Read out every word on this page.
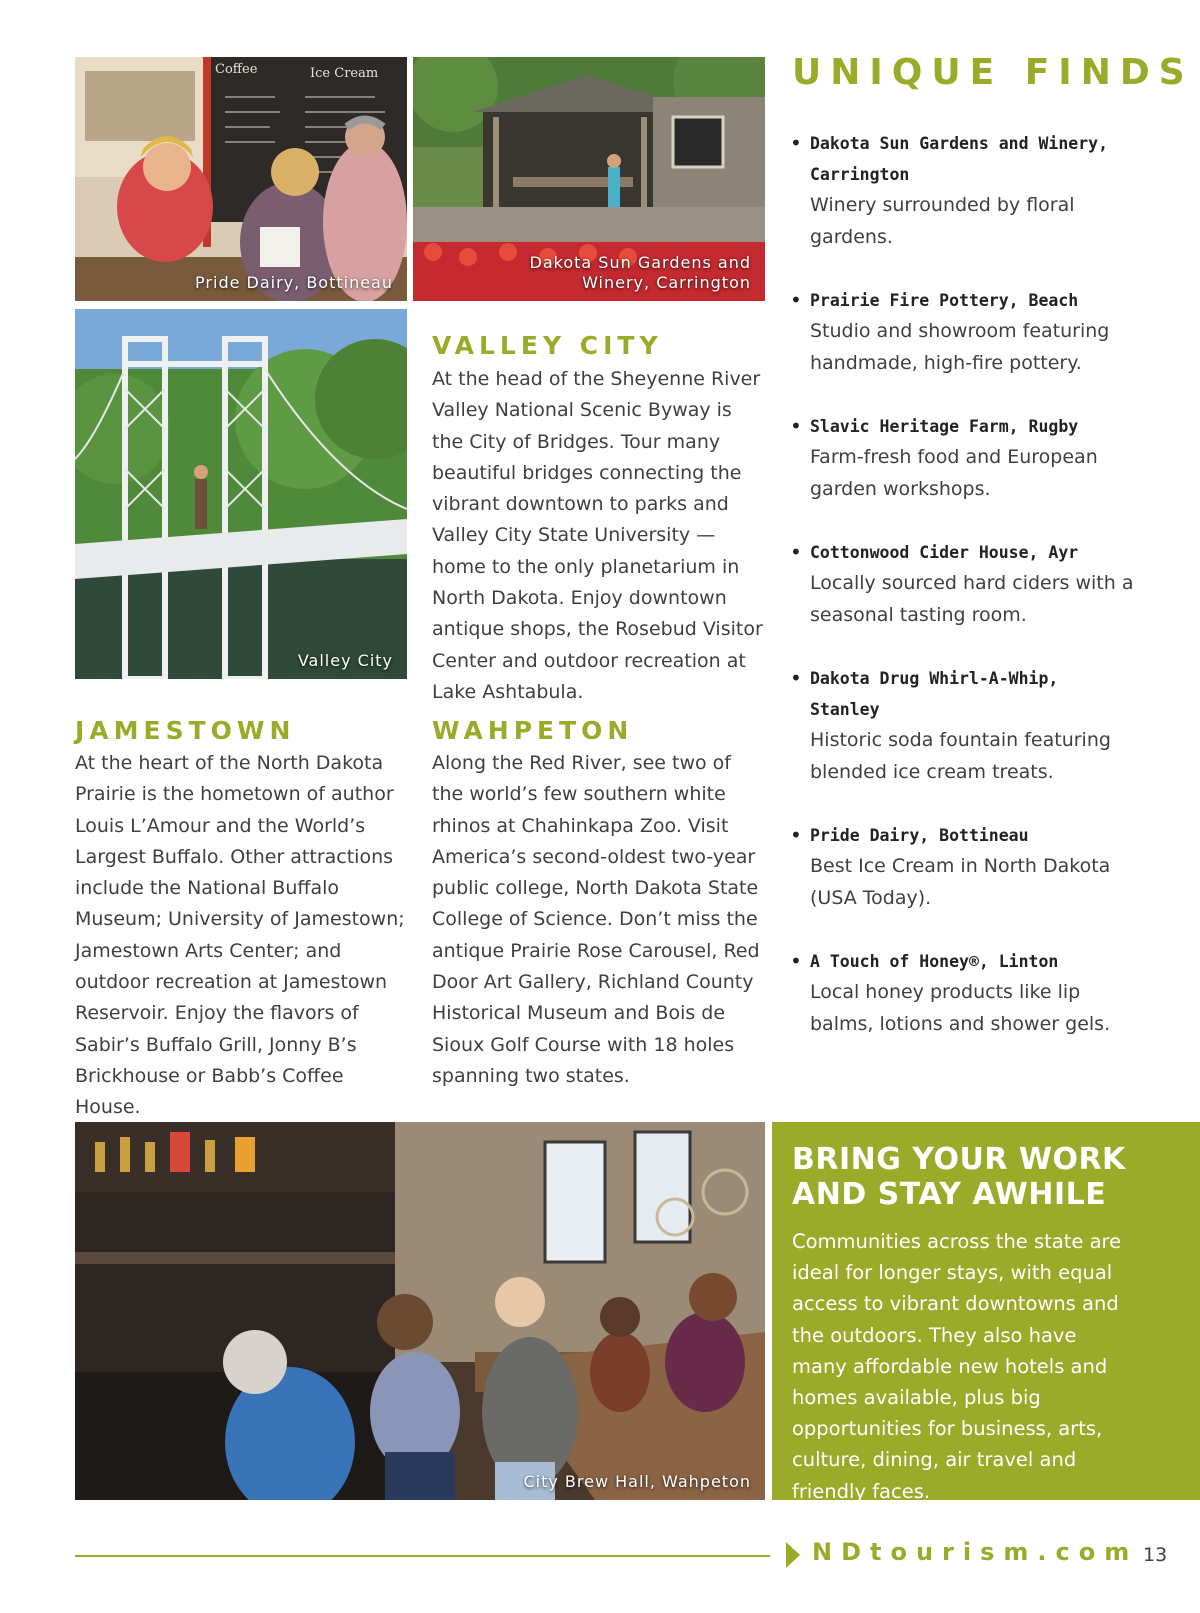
Coffee	Ice Cream
Pride Dairy, Bottineau
Dakota Sun Gardens and
Winery, Carrington
Valley City
VALLEY CITY

At the head of the Sheyenne River Valley National Scenic Byway is the City of Bridges. Tour many beautiful bridges connecting the vibrant downtown to parks and Valley City State University — home to the only planetarium in North Dakota. Enjoy downtown antique shops, the Rosebud Visitor Center and outdoor recreation at Lake Ashtabula.

JAMESTOWN

At the heart of the North Dakota Prairie is the hometown of author Louis L’Amour and the World’s Largest Buffalo. Other attractions include the National Buffalo Museum; University of Jamestown; Jamestown Arts Center; and outdoor recreation at Jamestown Reservoir. Enjoy the flavors of Sabir’s Buffalo Grill, Jonny B’s Brickhouse or Babb’s Coffee House.

WAHPETON

Along the Red River, see two of the world’s few southern white rhinos at Chahinkapa Zoo. Visit America’s second-oldest two-year public college, North Dakota State College of Science. Don’t miss the antique Prairie Rose Carousel, Red Door Art Gallery, Richland County Historical Museum and Bois de Sioux Golf Course with 18 holes spanning two states.

UNIQUE FINDS
• Dakota Sun Gardens and Winery, Carrington
Winery surrounded by floral gardens.
• Prairie Fire Pottery, Beach
Studio and showroom featuring handmade, high-fire pottery.
• Slavic Heritage Farm, Rugby
Farm-fresh food and European garden workshops.
• Cottonwood Cider House, Ayr
Locally sourced hard ciders with a seasonal tasting room.
• Dakota Drug Whirl-A-Whip, Stanley
Historic soda fountain featuring blended ice cream treats.
• Pride Dairy, Bottineau
Best Ice Cream in North Dakota (USA Today).
• A Touch of Honey®, Linton
Local honey products like lip balms, lotions and shower gels.
City Brew Hall, Wahpeton
BRING YOUR WORK
AND STAY AWHILE

Communities across the state are ideal for longer stays, with equal access to vibrant downtowns and the outdoors. They also have many affordable new hotels and homes available, plus big opportunities for business, arts, culture, dining, air travel and friendly faces.

NDtourism.com 13
